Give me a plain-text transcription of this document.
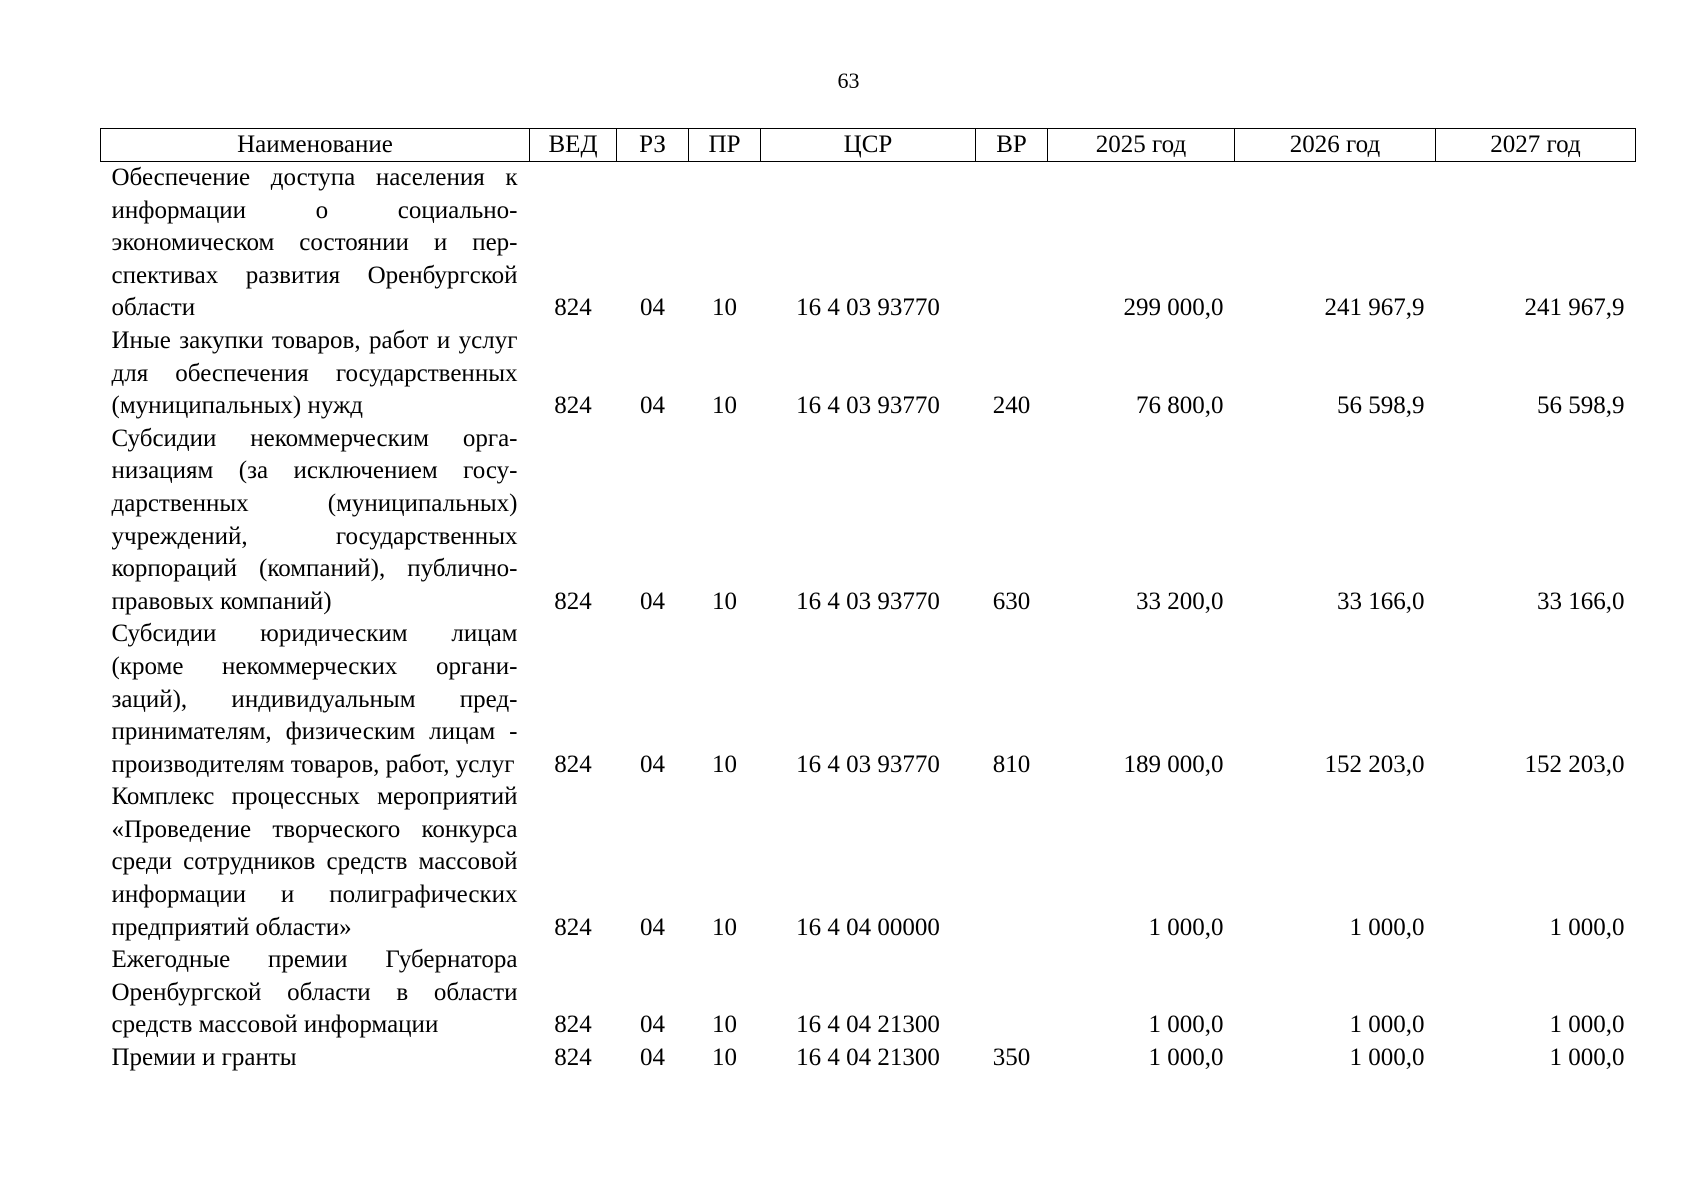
63
Наименование	ВЕД	РЗ	ПР	ЦСР	ВР	2025 год	2026 год	2027 год
Обеспечение доступа населения к информации о социально-экономическом состоянии и перспективах развития Оренбургской области	824	04	10	16 4 03 93770		299 000,0	241 967,9	241 967,9
Иные закупки товаров, работ и услуг для обеспечения государственных (муниципальных) нужд	824	04	10	16 4 03 93770	240	76 800,0	56 598,9	56 598,9
Субсидии некоммерческим организациям (за исключением государственных (муниципальных) учреждений, государственных корпораций (компаний), публично-правовых компаний)	824	04	10	16 4 03 93770	630	33 200,0	33 166,0	33 166,0
Субсидии юридическим лицам (кроме некоммерческих организаций), индивидуальным предпринимателям, физическим лицам - производителям товаров, работ, услуг	824	04	10	16 4 03 93770	810	189 000,0	152 203,0	152 203,0
Комплекс процессных мероприятий «Проведение творческого конкурса среди сотрудников средств массовой информации и полиграфических предприятий области»	824	04	10	16 4 04 00000		1 000,0	1 000,0	1 000,0
Ежегодные премии Губернатора Оренбургской области в области средств массовой информации	824	04	10	16 4 04 21300		1 000,0	1 000,0	1 000,0
Премии и гранты	824	04	10	16 4 04 21300	350	1 000,0	1 000,0	1 000,0
